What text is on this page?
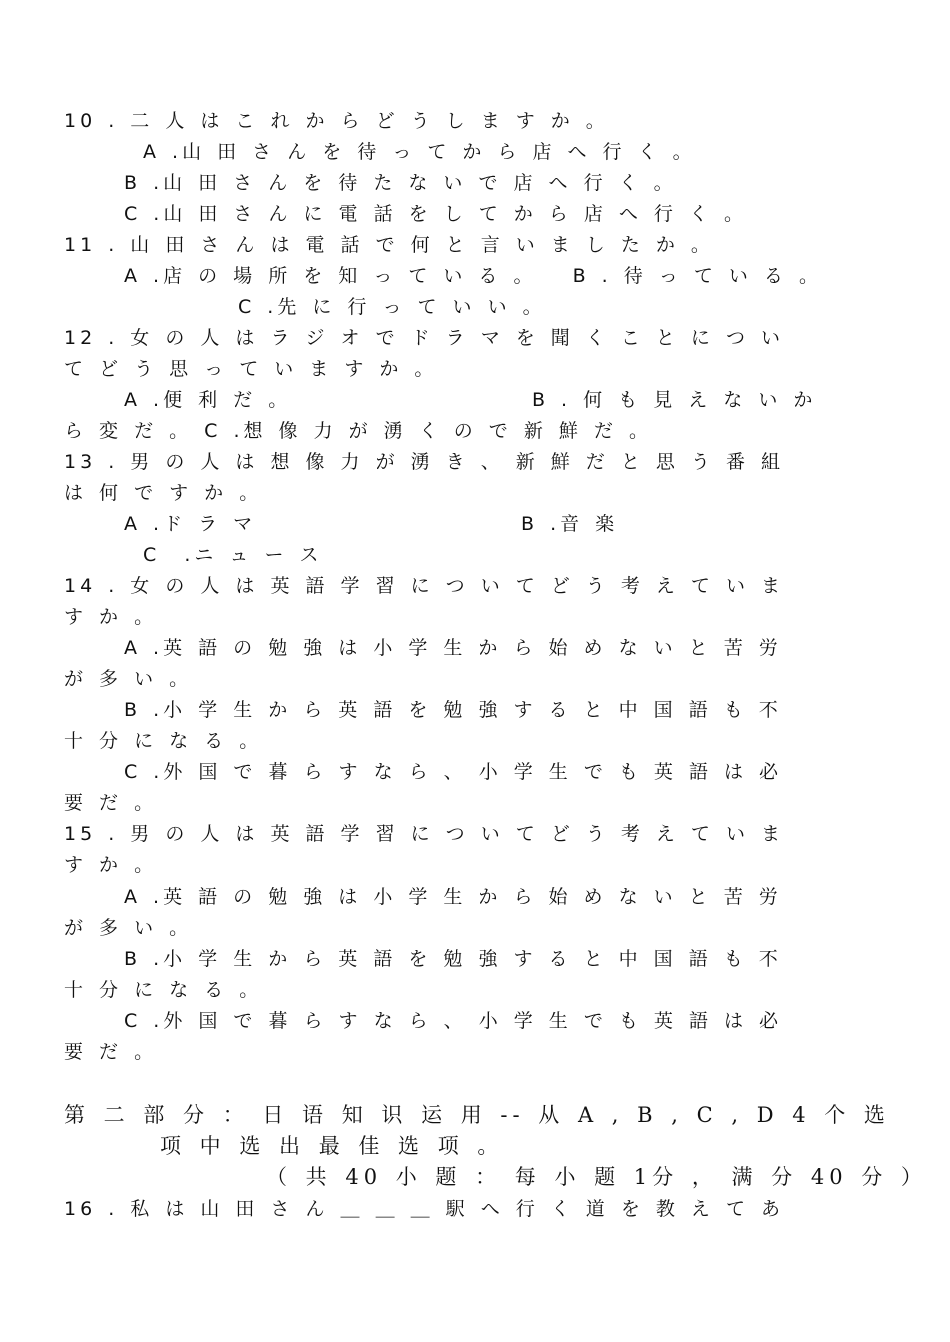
10 . 二 人 は こ れ か ら ど う し ま す か 。
A .山 田 さ ん を 待 っ て か ら 店 へ 行 く 。
B .山 田 さ ん を 待 た な い で 店 へ 行 く 。
C .山 田 さ ん に 電 話 を し て か ら 店 へ 行 く 。
11 . 山 田 さ ん は 電 話 で 何 と 言 い ま し た か 。
A .店 の 場 所 を 知 っ て い る 。   B . 待 っ て い る 。
C .先 に 行 っ て い い 。
12 . 女 の 人 は ラ ジ オ で ド ラ マ を 聞 く こ と に つ い
て ど う 思 っ て い ま す か 。
A .便 利 だ 。                    B . 何 も 見 え な い か
ら 変 だ 。 C .想 像 力 が 湧 く の で 新 鮮 だ 。
13 . 男 の 人 は 想 像 力 が 湧 き 、 新 鮮 だ と 思 う 番 組
は 何 で す か 。
A .ド ラ マ                      B .音 楽
C  .ニ ュ ー ス
14 . 女 の 人 は 英 語 学 習 に つ い て ど う 考 え て い ま
す か 。
A .英 語 の 勉 強 は 小 学 生 か ら 始 め な い と 苦 労
が 多 い 。
B .小 学 生 か ら 英 語 を 勉 強 す る と 中 国 語 も 不
十 分 に な る 。
C .外 国 で 暮 ら す な ら 、 小 学 生 で も 英 語 は 必
要 だ 。
15 . 男 の 人 は 英 語 学 習 に つ い て ど う 考 え て い ま
す か 。
A .英 語 の 勉 強 は 小 学 生 か ら 始 め な い と 苦 労
が 多 い 。
B .小 学 生 か ら 英 語 を 勉 強 す る と 中 国 語 も 不
十 分 に な る 。
C .外 国 で 暮 ら す な ら 、 小 学 生 で も 英 語 は 必
要 だ 。
第 二 部 分 ： 日 语 知 识 运 用 -- 从 A , B , C , D 4 个 选
项 中 选 出 最 佳 选 项 。
（ 共 40 小 题 ： 每 小 题 1分 ， 满 分 40 分 ）
16 . 私 は 山 田 さ ん ＿ ＿ ＿ 駅 へ 行 く 道 を 教 え て あ
